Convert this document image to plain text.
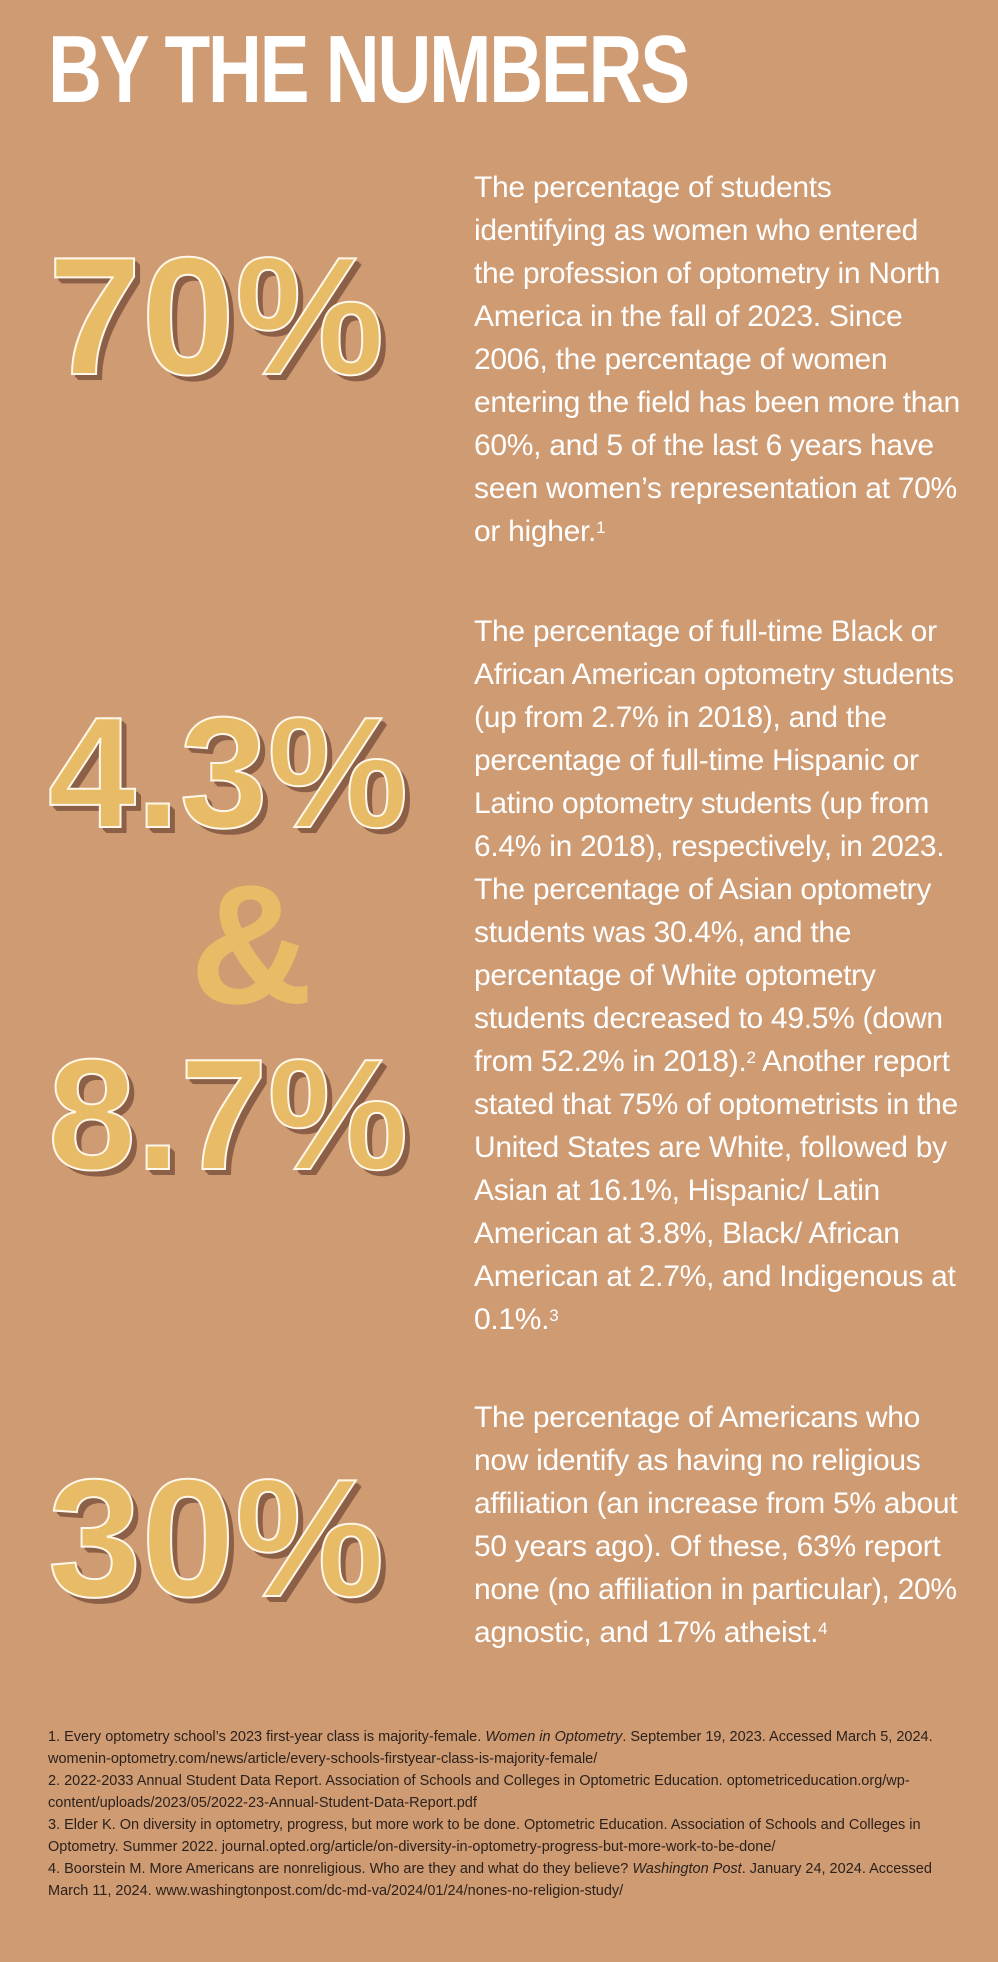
BY THE NUMBERS
70%
The percentage of students identifying as women who entered the profession of optometry in North America in the fall of 2023. Since 2006, the percentage of women entering the field has been more than 60%, and 5 of the last 6 years have seen women’s representation at 70% or higher.$^1$
4.3%
&
8.7%
The percentage of full-time Black or African American optometry students (up from 2.7% in 2018), and the percentage of full-time Hispanic or Latino optometry students (up from 6.4% in 2018), respectively, in 2023. The percentage of Asian optometry students was 30.4%, and the percentage of White optometry students decreased to 49.5% (down from 52.2% in 2018).$^2$ Another report stated that 75% of optometrists in the United States are White, followed by Asian at 16.1%, Hispanic/ Latin American at 3.8%, Black/ African American at 2.7%, and Indigenous at 0.1%.$^3$
30%
The percentage of Americans who now identify as having no religious affiliation (an increase from 5% about 50 years ago). Of these, 63% report none (no affiliation in particular), 20% agnostic, and 17% atheist.$^4$

1. Every optometry school’s 2023 first-year class is majority-female. Women in Optometry. September 19, 2023. Accessed March 5, 2024. womenin-optometry.com/news/article/every-schools-firstyear-class-is-majority-female/

2. 2022-2033 Annual Student Data Report. Association of Schools and Colleges in Optometric Education. optometriceducation.org/wp-content/uploads/2023/05/2022-23-Annual-Student-Data-Report.pdf

3. Elder K. On diversity in optometry, progress, but more work to be done. Optometric Education. Association of Schools and Colleges in Optometry. Summer 2022. journal.opted.org/article/on-diversity-in-optometry-progress-but-more-work-to-be-done/

4. Boorstein M. More Americans are nonreligious. Who are they and what do they believe? Washington Post. January 24, 2024. Accessed March 11, 2024. www.washingtonpost.com/dc-md-va/2024/01/24/nones-no-religion-study/
